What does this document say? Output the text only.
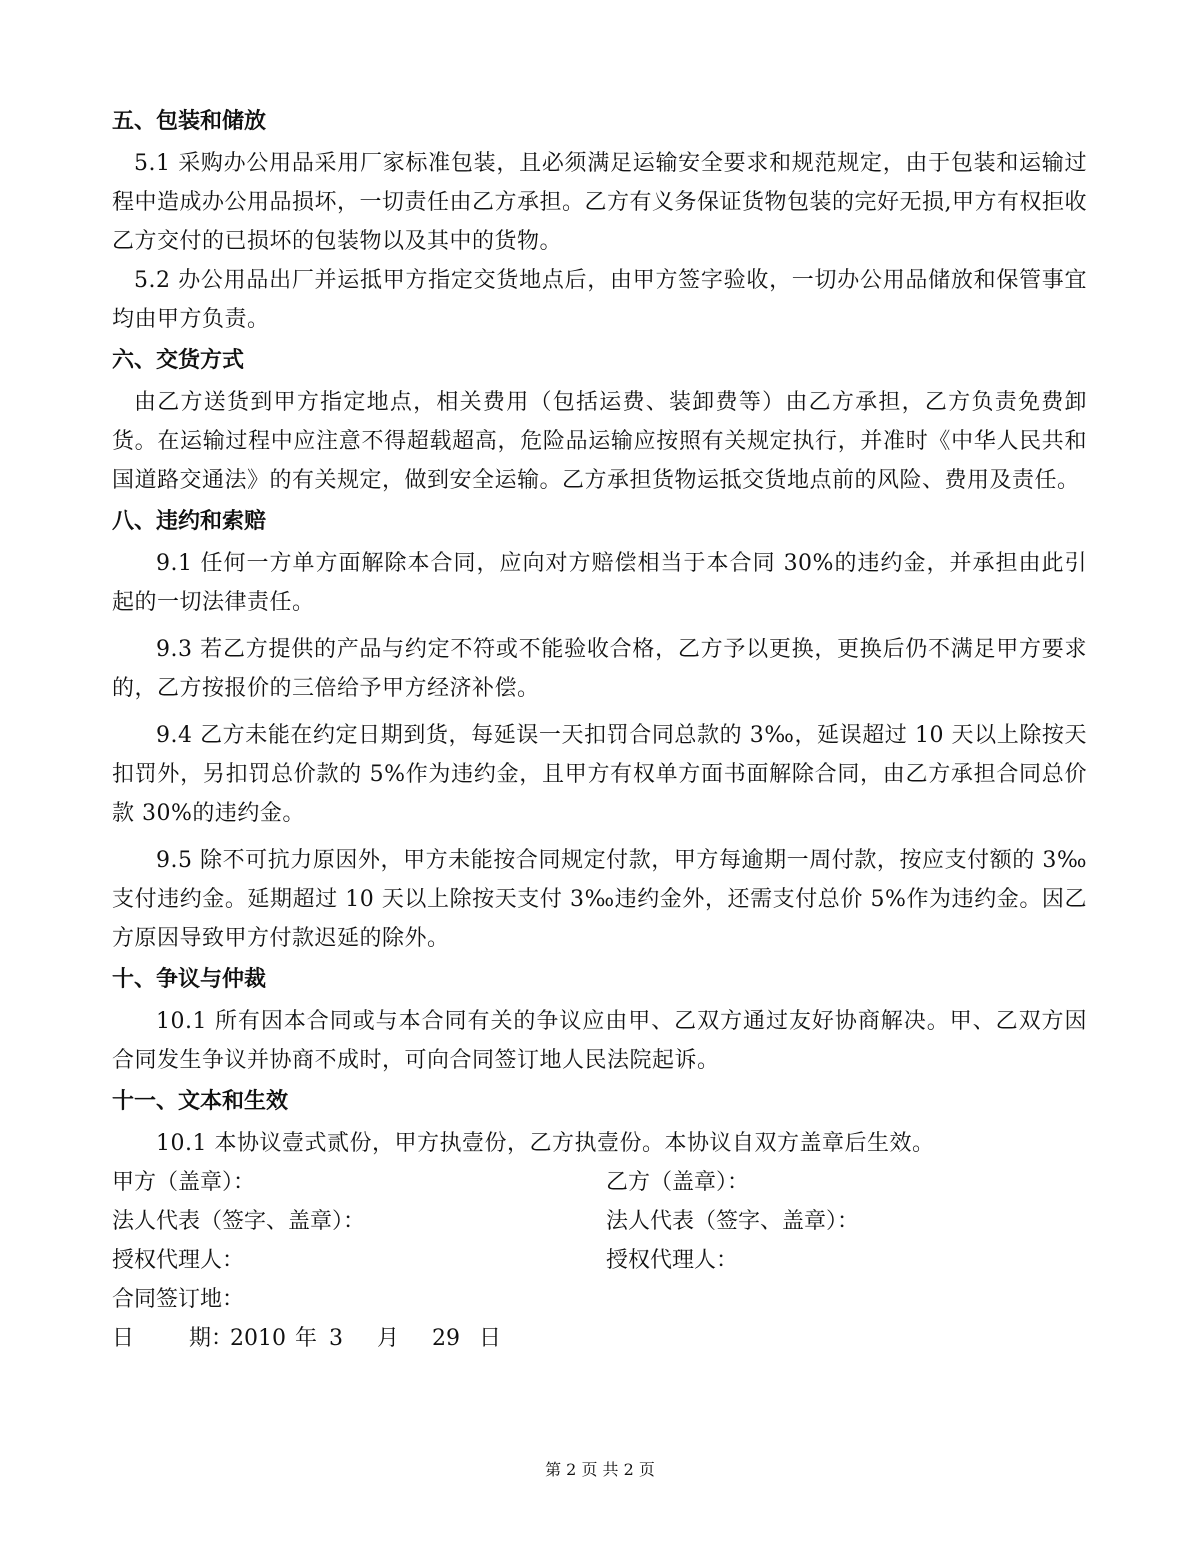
五、包装和储放

5.1 采购办公用品采用厂家标准包装，且必须满足运输安全要求和规范规定，由于包装和运输过程中造成办公用品损坏，一切责任由乙方承担。乙方有义务保证货物包装的完好无损,甲方有权拒收乙方交付的已损坏的包装物以及其中的货物。

5.2 办公用品出厂并运抵甲方指定交货地点后，由甲方签字验收，一切办公用品储放和保管事宜均由甲方负责。

六、交货方式

由乙方送货到甲方指定地点，相关费用（包括运费、装卸费等）由乙方承担，乙方负责免费卸货。在运输过程中应注意不得超载超高，危险品运输应按照有关规定执行，并准时《中华人民共和国道路交通法》的有关规定，做到安全运输。乙方承担货物运抵交货地点前的风险、费用及责任。

八、违约和索赔

9.1 任何一方单方面解除本合同，应向对方赔偿相当于本合同 30%的违约金，并承担由此引起的一切法律责任。

9.3 若乙方提供的产品与约定不符或不能验收合格，乙方予以更换，更换后仍不满足甲方要求的，乙方按报价的三倍给予甲方经济补偿。

9.4 乙方未能在约定日期到货，每延误一天扣罚合同总款的 3‰，延误超过 10 天以上除按天扣罚外，另扣罚总价款的 5%作为违约金，且甲方有权单方面书面解除合同，由乙方承担合同总价款 30%的违约金。

9.5 除不可抗力原因外，甲方未能按合同规定付款，甲方每逾期一周付款，按应支付额的 3‰支付违约金。延期超过 10 天以上除按天支付 3‰违约金外，还需支付总价 5%作为违约金。因乙方原因导致甲方付款迟延的除外。

十、争议与仲裁

10.1 所有因本合同或与本合同有关的争议应由甲、乙双方通过友好协商解决。甲、乙双方因合同发生争议并协商不成时，可向合同签订地人民法院起诉。

十一、文本和生效

10.1 本协议壹式贰份，甲方执壹份，乙方执壹份。本协议自双方盖章后生效。

甲方（盖章）：	乙方（盖章）：
法人代表（签字、盖章）：	法人代表（签字、盖章）：
授权代理人：	授权代理人：
合同签订地：
日 期：
2010 年 3 月 29 日
第 2 页 共 2 页
